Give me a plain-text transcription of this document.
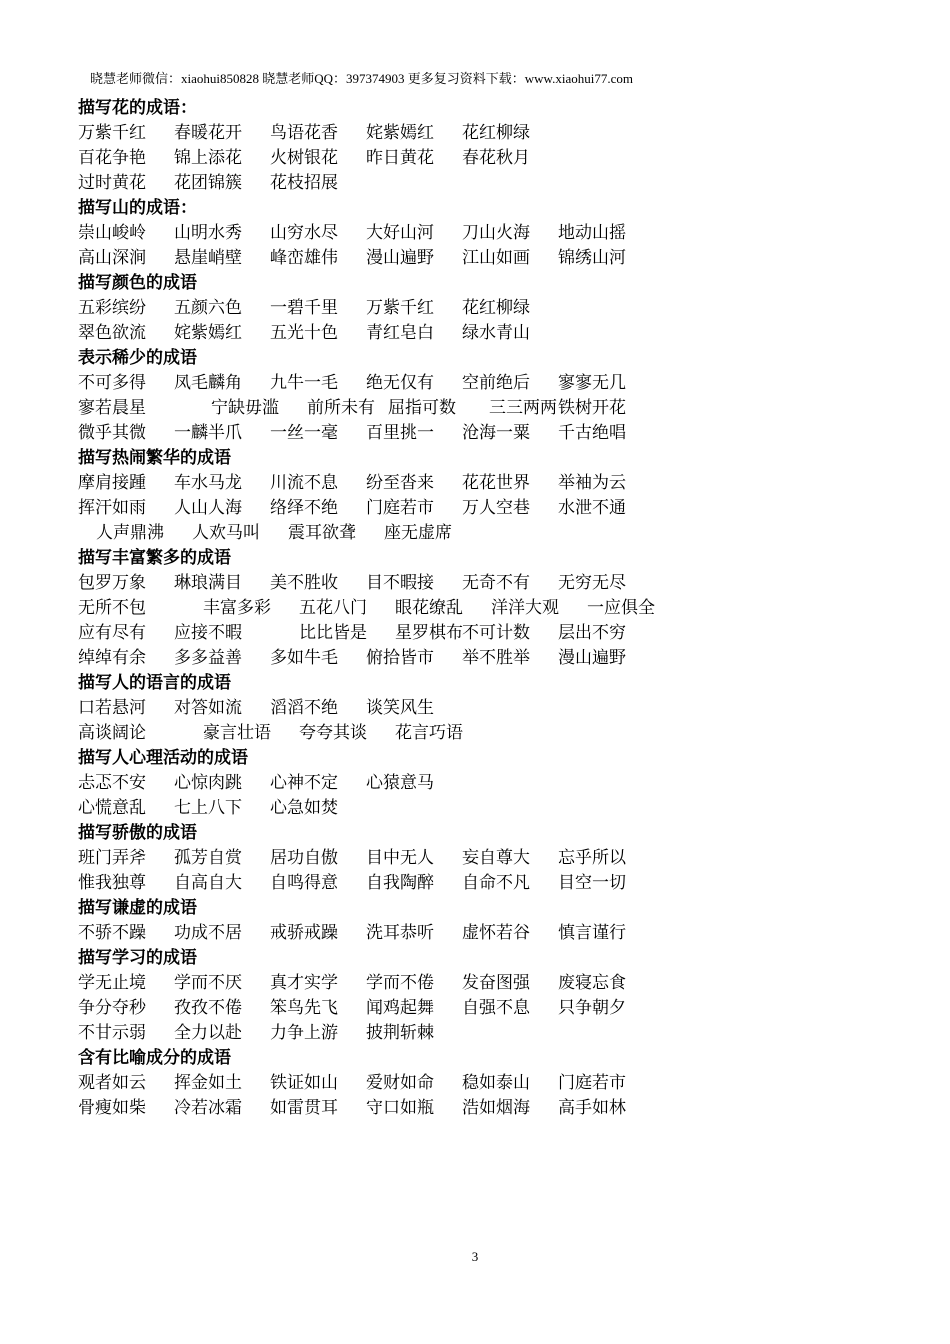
晓慧老师微信：xiaohui850828 晓慧老师QQ：397374903 更多复习资料下载：www.xiaohui77.com
描写花的成语：
万紫千红 春暖花开 鸟语花香 姹紫嫣红 花红柳绿
百花争艳 锦上添花 火树银花 昨日黄花 春花秋月
过时黄花 花团锦簇 花枝招展
描写山的成语：
崇山峻岭 山明水秀 山穷水尽 大好山河 刀山火海 地动山摇
高山深涧 悬崖峭壁 峰峦雄伟 漫山遍野 江山如画 锦绣山河
描写颜色的成语
五彩缤纷 五颜六色 一碧千里 万紫千红 花红柳绿
翠色欲流 姹紫嫣红 五光十色 青红皂白 绿水青山
表示稀少的成语
不可多得 凤毛麟角 九牛一毛 绝无仅有 空前绝后 寥寥无几
寥若晨星	宁缺毋滥 前所未有 屈指可数 三三两两 铁树开花
微乎其微 一麟半爪 一丝一毫 百里挑一 沧海一粟 千古绝唱
描写热闹繁华的成语
摩肩接踵 车水马龙 川流不息 纷至沓来 花花世界 举袖为云
挥汗如雨 人山人海 络绎不绝 门庭若市 万人空巷 水泄不通
人声鼎沸 人欢马叫 震耳欲聋 座无虚席
描写丰富繁多的成语
包罗万象 琳琅满目 美不胜收 目不暇接 无奇不有 无穷无尽
无所不包	丰富多彩 五花八门 眼花缭乱 洋洋大观 一应俱全
应有尽有 应接不暇	比比皆是 星罗棋布 不可计数 层出不穷
绰绰有余 多多益善 多如牛毛 俯拾皆市 举不胜举 漫山遍野
描写人的语言的成语
口若悬河 对答如流 滔滔不绝 谈笑风生
高谈阔论	豪言壮语 夸夸其谈 花言巧语
描写人心理活动的成语
忐忑不安 心惊肉跳 心神不定 心猿意马
心慌意乱 七上八下 心急如焚
描写骄傲的成语
班门弄斧 孤芳自赏 居功自傲 目中无人 妄自尊大 忘乎所以
惟我独尊 自高自大 自鸣得意 自我陶醉 自命不凡 目空一切
描写谦虚的成语
不骄不躁 功成不居 戒骄戒躁 洗耳恭听 虚怀若谷 慎言谨行
描写学习的成语
学无止境 学而不厌 真才实学 学而不倦 发奋图强 废寝忘食
争分夺秒 孜孜不倦 笨鸟先飞 闻鸡起舞 自强不息 只争朝夕
不甘示弱 全力以赴 力争上游 披荆斩棘
含有比喻成分的成语
观者如云 挥金如土 铁证如山 爱财如命 稳如泰山 门庭若市
骨瘦如柴 冷若冰霜 如雷贯耳 守口如瓶 浩如烟海 高手如林
3
